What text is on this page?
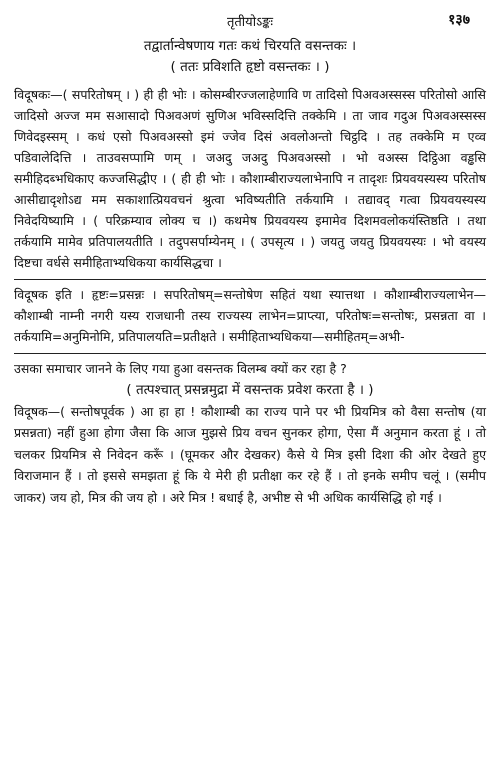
तृतीयोऽङ्कः	१३७

तद्वार्तान्वेषणाय गतः कथं चिरयति वसन्तकः ।

( ततः प्रविशति हृष्टो वसन्तकः । )

विदूषकः—( सपरितोषम् । ) ही ही भोः । कोसम्बीरज्जलाहेणावि ण तादिसो पिअवअस्सस्स परितोसो आसि जादिसो अज्ज मम सआसादो पिअवअणं सुणिअ भविस्सदित्ति तक्केमि । ता जाव गदुअ पिअवअस्सस्स णिवेदइस्सम् । कधं एसो पिअवअस्सो इमं ज्जेव दिसं अवलोअन्तो चिट्ठदि । तह तक्केमि म एव्व पडिवालेदित्ति । ताउवसप्पामि णम् । जअदु जअदु पिअवअस्सो । भो वअस्स दिट्ठिआ वड्ढसि समीहिदब्भधिकाए कज्जसिद्धीए । ( ही ही भोः । कौशाम्बीराज्यलाभेनापि न तादृशः प्रियवयस्यस्य परितोष आसीद्यादृशोऽद्य मम सकाशात्प्रियवचनं श्रुत्वा भविष्यतीति तर्कयामि । तद्यावद् गत्वा प्रियवयस्यस्य निवेदयिष्यामि । ( परिक्रम्याव लोक्य च ।) कथमेष प्रियवयस्य इमामेव दिशमवलोकयंस्तिष्ठति । तथा तर्कयामि मामेव प्रतिपालयतीति । तदुपसर्पाम्येनम् । ( उपसृत्य । ) जयतु जयतु प्रियवयस्यः । भो वयस्य दिष्टचा वर्धसे समीहिताभ्यधिकया कार्यसिद्धचा ।

विदूषक इति । हृष्टः=प्रसन्नः । सपरितोषम्=सन्तोषेण सहितं यथा स्यात्तथा । कौशाम्बीराज्यलाभेन—कौशाम्बी नाम्नी नगरी यस्य राजधानी तस्य राज्यस्य लाभेन=प्राप्त्या, परितोषः=सन्तोषः, प्रसन्नता वा । तर्कयामि=अनुमिनोमि, प्रतिपालयति=प्रतीक्षते । समीहिताभ्यधिकया—समीहितम्=अभी-

उसका समाचार जानने के लिए गया हुआ वसन्तक विलम्ब क्यों कर रहा है ?

( तत्पश्चात् प्रसन्नमुद्रा में वसन्तक प्रवेश करता है । )

विदूषक—( सन्तोषपूर्वक ) आ हा हा ! कौशाम्बी का राज्य पाने पर भी प्रियमित्र को वैसा सन्तोष (या प्रसन्नता) नहीं हुआ होगा जैसा कि आज मुझसे प्रिय वचन सुनकर होगा, ऐसा मैं अनुमान करता हूं । तो चलकर प्रियमित्र से निवेदन करूँ । (घूमकर और देखकर) कैसे ये मित्र इसी दिशा की ओर देखते हुए विराजमान हैं । तो इससे समझता हूं कि ये मेरी ही प्रतीक्षा कर रहे हैं । तो इनके समीप चलूं । (समीप जाकर) जय हो, मित्र की जय हो । अरे मित्र ! बधाई है, अभीष्ट से भी अधिक कार्यसिद्धि हो गई ।
